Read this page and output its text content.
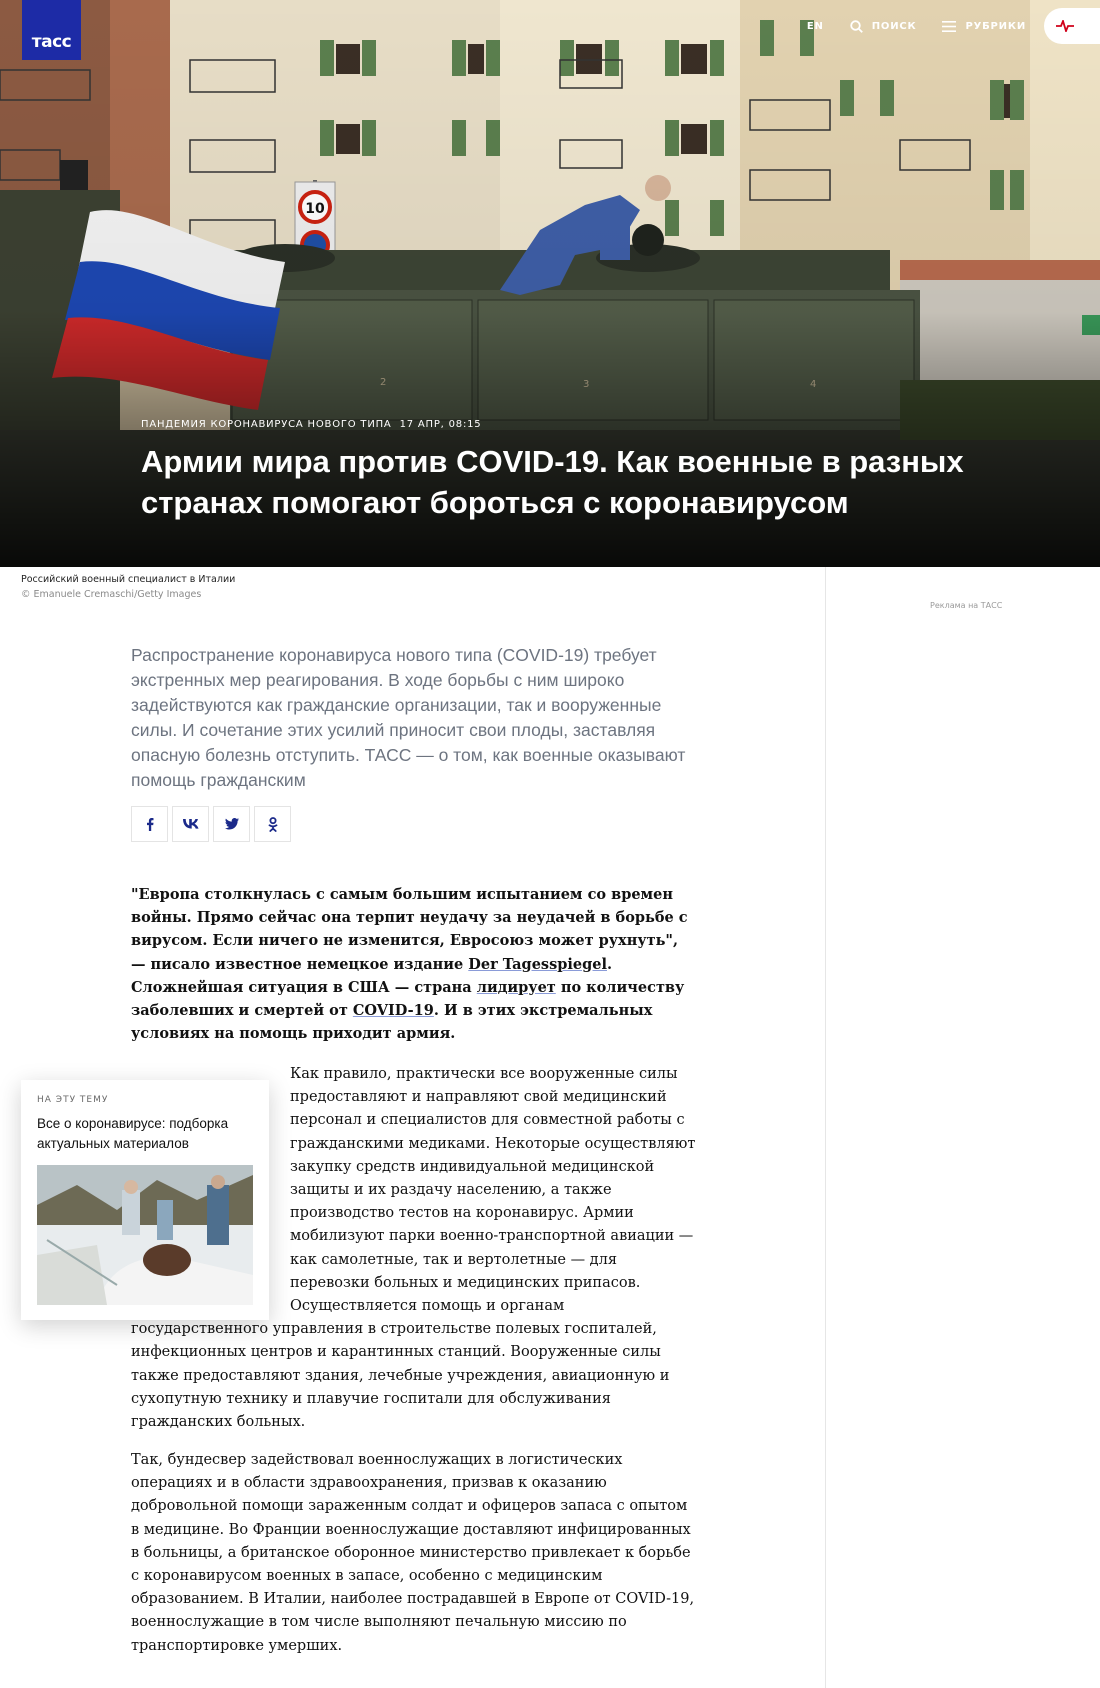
тасс
EN	ПОИСК	РУБРИКИ
ПАНДЕМИЯ КОРОНАВИРУСА НОВОГО ТИПА 17 АПР, 08:15
Армии мира против COVID-19. Как военные в разных странах помогают бороться с коронавирусом
Российский военный специалист в Италии
© Emanuele Cremaschi/Getty Images
Реклама на ТАСС

Распространение коронавируса нового типа (COVID-19) требует экстренных мер реагирования. В ходе борьбы с ним широко задействуются как гражданские организации, так и вооруженные силы. И сочетание этих усилий приносит свои плоды, заставляя опасную болезнь отступить. ТАСС — о том, как военные оказывают помощь гражданским

"Европа столкнулась с самым большим испытанием со времен войны. Прямо сейчас она терпит неудачу за неудачей в борьбе с вирусом. Если ничего не изменится, Евросоюз может рухнуть", — писало известное немецкое издание Der Tagesspiegel. Сложнейшая ситуация в США — страна лидирует по количеству заболевших и смертей от COVID-19. И в этих экстремальных условиях на помощь приходит армия.

Как правило, практически все вооруженные силы предоставляют и направляют свой медицинский персонал и специалистов для совместной работы с гражданскими медиками. Некоторые осуществляют закупку средств индивидуальной медицинской защиты и их раздачу населению, а также производство тестов на коронавирус. Армии мобилизуют парки военно-транспортной авиации — как самолетные, так и вертолетные — для перевозки больных и медицинских припасов. Осуществляется помощь и органам государственного управления в строительстве полевых госпиталей, инфекционных центров и карантинных станций. Вооруженные силы также предоставляют здания, лечебные учреждения, авиационную и сухопутную технику и плавучие госпитали для обслуживания гражданских больных.

Так, бундесвер задействовал военнослужащих в логистических операциях и в области здравоохранения, призвав к оказанию добровольной помощи зараженным солдат и офицеров запаса с опытом в медицине. Во Франции военнослужащие доставляют инфицированных в больницы, а британское оборонное министерство привлекает к борьбе с коронавирусом военных в запасе, особенно с медицинским образованием. В Италии, наиболее пострадавшей в Европе от COVID-19, военнослужащие в том числе выполняют печальную миссию по транспортировке умерших.

НА ЭТУ ТЕМУ
Все о коронавирусе: подборка актуальных материалов
